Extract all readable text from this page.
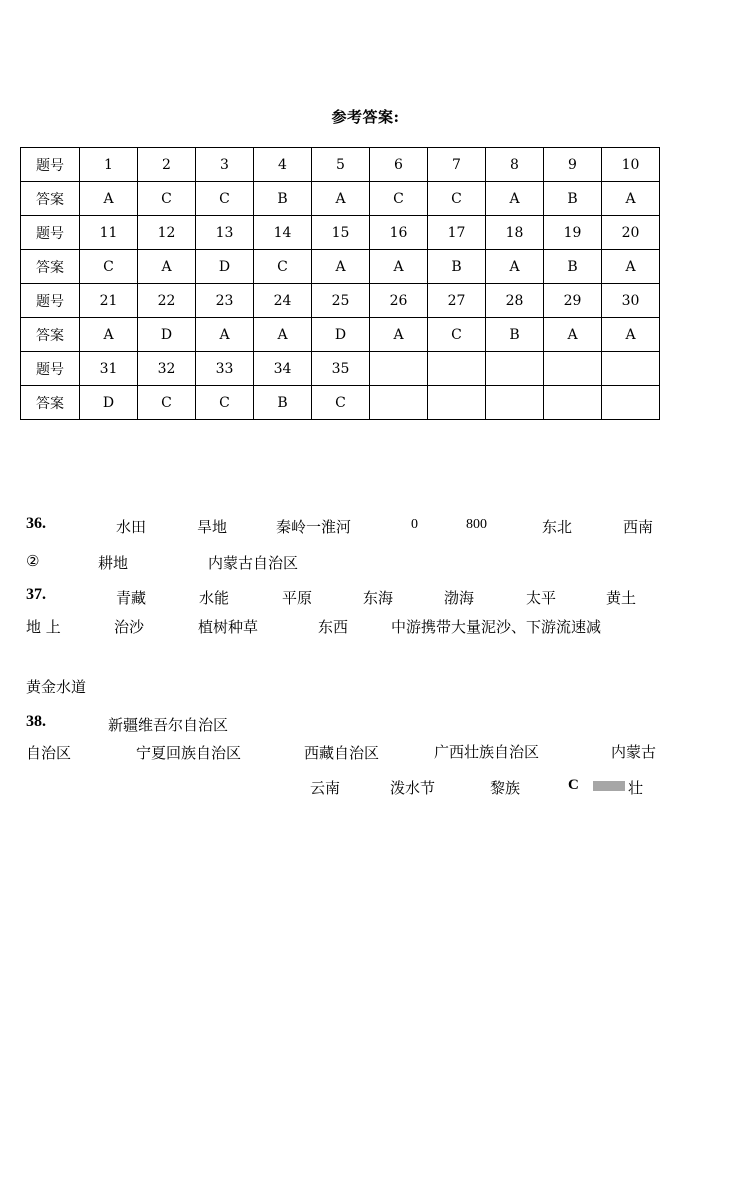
参考答案:
题号	1	2	3	4	5	6	7	8	9	10
答案	A	C	C	B	A	C	C	A	B	A
题号	11	12	13	14	15	16	17	18	19	20
答案	C	A	D	C	A	A	B	A	B	A
题号	21	22	23	24	25	26	27	28	29	30
答案	A	D	A	A	D	A	C	B	A	A
题号	31	32	33	34	35					
答案	D	C	C	B	C					
36.	水田	旱地	秦岭一淮河	0	800	东北	西南
②	耕地	内蒙古自治区
37.	青藏	水能	平原	东海	渤海	太平	黄土
地 上	治沙	植树种草	东西	中游携带大量泥沙、下游流速减
黄金水道
38.	新疆维吾尔自治区
自治区	宁夏回族自治区	西藏自治区	广西壮族自治区	内蒙古
云南	泼水节	黎族	C	壮
